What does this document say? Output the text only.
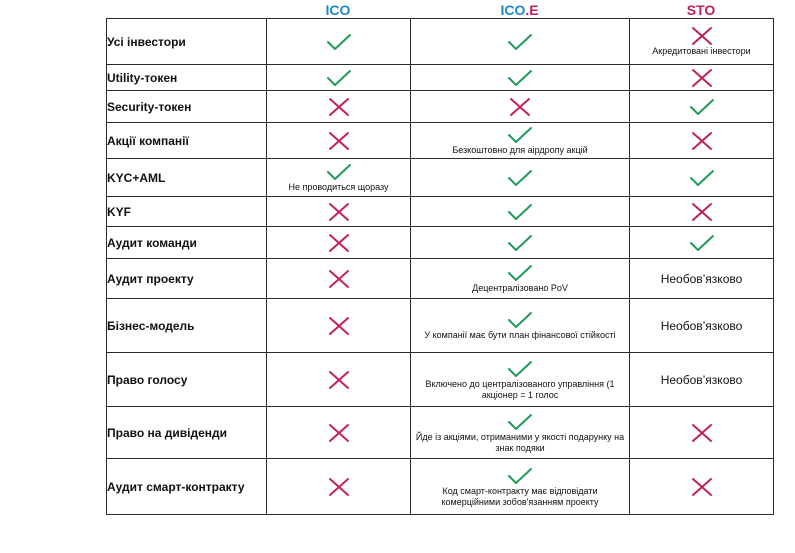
ICO	ICO.E	STO
Усі інвестори			Акредитовані інвестори

Utility-токен	

Security-токен	

Акції компанії		Безкоштовно для аірдропу акцій

KYC+AML	Не проводиться щоразу

KYF	

Аудит команди	

Аудит проекту		Децентралізовано PoV	Необов’язково

Бізнес-модель		У компанії має бути план фінансової стійкості	Необов’язково

Право голосу		Включено до централізованого управління (1 акціонер = 1 голос	Необов’язково

Право на дивіденди		Йде із акціями, отриманими у якості подарунку на знак подяки

Аудит смарт-контракту		Код смарт-контракту має відповідати комерційними зобов'язанням проекту
